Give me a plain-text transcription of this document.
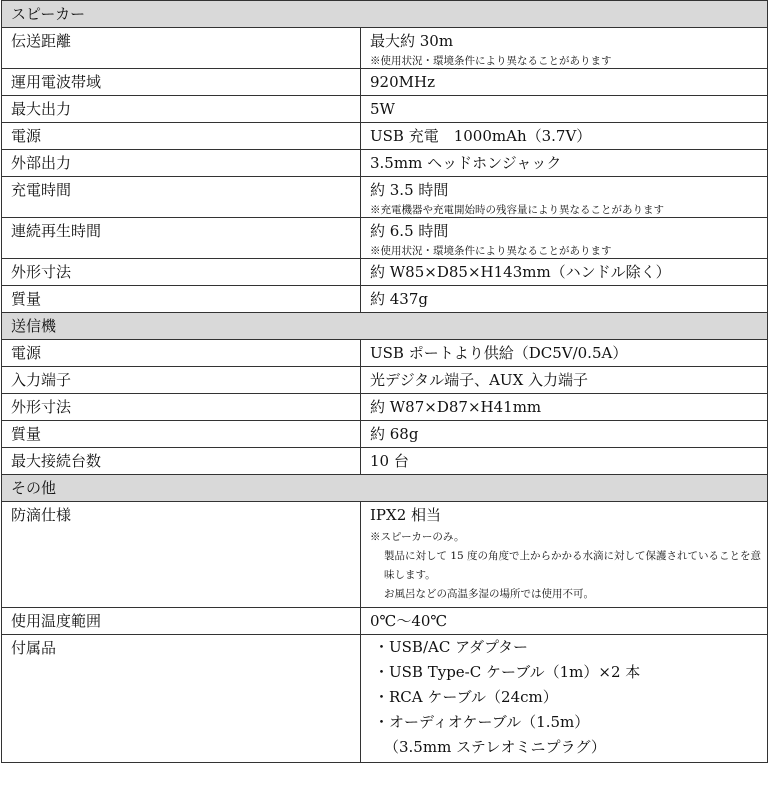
スピーカー	
伝送距離	最大約 30m
※使用状況・環境条件により異なることがあります

運用電波帯域	920MHz
最大出力	5W
電源	USB 充電　1000mAh（3.7V）
外部出力	3.5mm ヘッドホンジャック
充電時間	約 3.5 時間
※充電機器や充電開始時の残容量により異なることがあります

連続再生時間	約 6.5 時間
※使用状況・環境条件により異なることがあります

外形寸法	約 W85×D85×H143mm（ハンドル除く）
質量	約 437g
送信機	
電源	USB ポートより供給（DC5V/0.5A）
入力端子	光デジタル端子、AUX 入力端子
外形寸法	約 W87×D87×H41mm
質量	約 68g
最大接続台数	10 台
その他	
防滴仕様	IPX2 相当
※スピーカーのみ。
製品に対して 15 度の角度で上からかかる水滴に対して保護されていることを意味します。
お風呂などの高温多湿の場所では使用不可。

使用温度範囲	0℃～40℃
付属品	・USB/AC アダプター
・USB Type-C ケーブル（1m）×2 本
・RCA ケーブル（24cm）
・オーディオケーブル（1.5m）
（3.5mm ステレオミニプラグ）
